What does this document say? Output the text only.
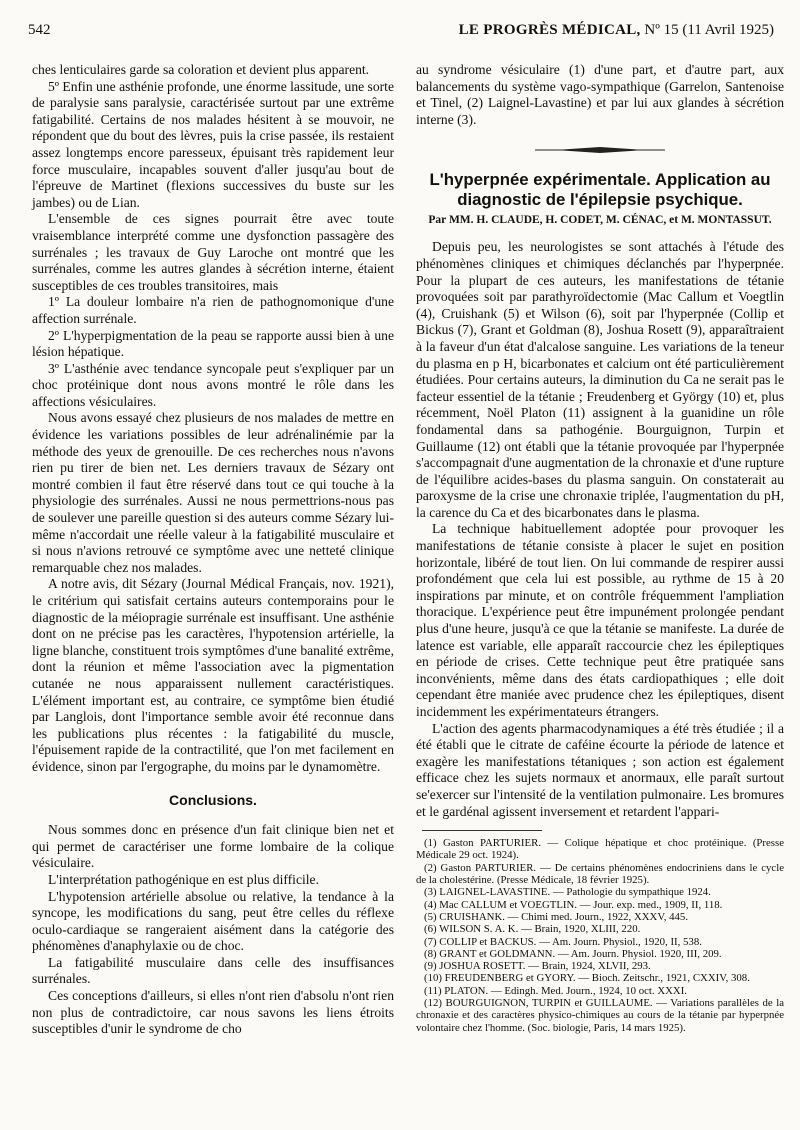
542	LE PROGRÈS MÉDICAL, Nº 15 (11 Avril 1925)

ches lenticulaires garde sa coloration et devient plus apparent.

5º Enfin une asthénie profonde, une énorme lassitude, une sorte de paralysie sans paralysie, caractérisée surtout par une extrême fatigabilité. Certains de nos malades hésitent à se mouvoir, ne répondent que du bout des lèvres, puis la crise passée, ils restaient assez longtemps encore paresseux, épuisant très rapidement leur force musculaire, incapables souvent d'aller jusqu'au bout de l'épreuve de Martinet (flexions successives du buste sur les jambes) ou de Lian.

L'ensemble de ces signes pourrait être avec toute vraisemblance interprété comme une dysfonction passagère des surrénales ; les travaux de Guy Laroche ont montré que les surrénales, comme les autres glandes à sécrétion interne, étaient susceptibles de ces troubles transitoires, mais

1º La douleur lombaire n'a rien de pathognomonique d'une affection surrénale.

2º L'hyperpigmentation de la peau se rapporte aussi bien à une lésion hépatique.

3º L'asthénie avec tendance syncopale peut s'expliquer par un choc protéinique dont nous avons montré le rôle dans les affections vésiculaires.

Nous avons essayé chez plusieurs de nos malades de mettre en évidence les variations possibles de leur adrénalinémie par la méthode des yeux de grenouille. De ces recherches nous n'avons rien pu tirer de bien net. Les derniers travaux de Sézary ont montré combien il faut être réservé dans tout ce qui touche à la physiologie des surrénales. Aussi ne nous permettrions-nous pas de soulever une pareille question si des auteurs comme Sézary lui-même n'accordait une réelle valeur à la fatigabilité musculaire et si nous n'avions retrouvé ce symptôme avec une netteté clinique remarquable chez nos malades.

A notre avis, dit Sézary (Journal Médical Français, nov. 1921), le critérium qui satisfait certains auteurs contemporains pour le diagnostic de la méiopragie surrénale est insuffisant. Une asthénie dont on ne précise pas les caractères, l'hypotension artérielle, la ligne blanche, constituent trois symptômes d'une banalité extrême, dont la réunion et même l'association avec la pigmentation cutanée ne nous apparaissent nullement caractéristiques. L'élément important est, au contraire, ce symptôme bien étudié par Langlois, dont l'importance semble avoir été reconnue dans les publications plus récentes : la fatigabilité du muscle, l'épuisement rapide de la contractilité, que l'on met facilement en évidence, sinon par l'ergographe, du moins par le dynamomètre.

Conclusions.

Nous sommes donc en présence d'un fait clinique bien net et qui permet de caractériser une forme lombaire de la colique vésiculaire.

L'interprétation pathogénique en est plus difficile.

L'hypotension artérielle absolue ou relative, la tendance à la syncope, les modifications du sang, peut être celles du réflexe oculo-cardiaque se rangeraient aisément dans la catégorie des phénomènes d'anaphylaxie ou de choc.

La fatigabilité musculaire dans celle des insuffisances surrénales.

Ces conceptions d'ailleurs, si elles n'ont rien d'absolu n'ont rien non plus de contradictoire, car nous savons les liens étroits susceptibles d'unir le syndrome de cho

au syndrome vésiculaire (1) d'une part, et d'autre part, aux balancements du système vago-sympathique (Garrelon, Santenoise et Tinel, (2) Laignel-Lavastine) et par lui aux glandes à sécrétion interne (3).

L'hyperpnée expérimentale. Application au diagnostic de l'épilepsie psychique.
Par MM. H. CLAUDE, H. CODET, M. CÉNAC, et M. MONTASSUT.

Depuis peu, les neurologistes se sont attachés à l'étude des phénomènes cliniques et chimiques déclanchés par l'hyperpnée. Pour la plupart de ces auteurs, les manifestations de tétanie provoquées soit par parathyroïdectomie (Mac Callum et Voegtlin (4), Cruishank (5) et Wilson (6), soit par l'hyperpnée (Collip et Bickus (7), Grant et Goldman (8), Joshua Rosett (9), apparaîtraient à la faveur d'un état d'alcalose sanguine. Les variations de la teneur du plasma en p H, bicarbonates et calcium ont été particulièrement étudiées. Pour certains auteurs, la diminution du Ca ne serait pas le facteur essentiel de la tétanie ; Freudenberg et György (10) et, plus récemment, Noël Platon (11) assignent à la guanidine un rôle fondamental dans sa pathogénie. Bourguignon, Turpin et Guillaume (12) ont établi que la tétanie provoquée par l'hyperpnée s'accompagnait d'une augmentation de la chronaxie et d'une rupture de l'équilibre acides-bases du plasma sanguin. On constaterait au paroxysme de la crise une chronaxie triplée, l'augmentation du pH, la carence du Ca et des bicarbonates dans le plasma.

La technique habituellement adoptée pour provoquer les manifestations de tétanie consiste à placer le sujet en position horizontale, libéré de tout lien. On lui commande de respirer aussi profondément que cela lui est possible, au rythme de 15 à 20 inspirations par minute, et on contrôle fréquemment l'ampliation thoracique. L'expérience peut être impunément prolongée pendant plus d'une heure, jusqu'à ce que la tétanie se manifeste. La durée de latence est variable, elle apparaît raccourcie chez les épileptiques en période de crises. Cette technique peut être pratiquée sans inconvénients, même dans des états cardiopathiques ; elle doit cependant être maniée avec prudence chez les épileptiques, disent incidemment les expérimentateurs étrangers.

L'action des agents pharmacodynamiques a été très étudiée ; il a été établi que le citrate de caféine écourte la période de latence et exagère les manifestations tétaniques ; son action est également efficace chez les sujets normaux et anormaux, elle paraît surtout se'exercer sur l'intensité de la ventilation pulmonaire. Les bromures et le gardénal agissent inversement et retardent l'appari-

(1) Gaston PARTURIER. — Colique hépatique et choc protéinique. (Presse Médicale 29 oct. 1924).
(2) Gaston PARTURIER. — De certains phénomènes endocriniens dans le cycle de la cholestérine. (Presse Médicale, 18 février 1925).
(3) LAIGNEL-LAVASTINE. — Pathologie du sympathique 1924.
(4) Mac CALLUM et VOEGTLIN. — Jour. exp. med., 1909, II, 118.
(5) CRUISHANK. — Chimi med. Journ., 1922, XXXV, 445.
(6) WILSON S. A. K. — Brain, 1920, XLIII, 220.
(7) COLLIP et BACKUS. — Am. Journ. Physiol., 1920, II, 538.
(8) GRANT et GOLDMANN. — Am. Journ. Physiol. 1920, III, 209.
(9) JOSHUA ROSETT. — Brain, 1924, XLVII, 293.
(10) FREUDENBERG et GYORY. — Bioch. Zeitschr., 1921, CXXIV, 308.
(11) PLATON. — Edingh. Med. Journ., 1924, 10 oct. XXXI.
(12) BOURGUIGNON, TURPIN et GUILLAUME. — Variations parallèles de la chronaxie et des caractères physico-chimiques au cours de la tétanie par hyperpnée volontaire chez l'homme. (Soc. biologie, Paris, 14 mars 1925).
